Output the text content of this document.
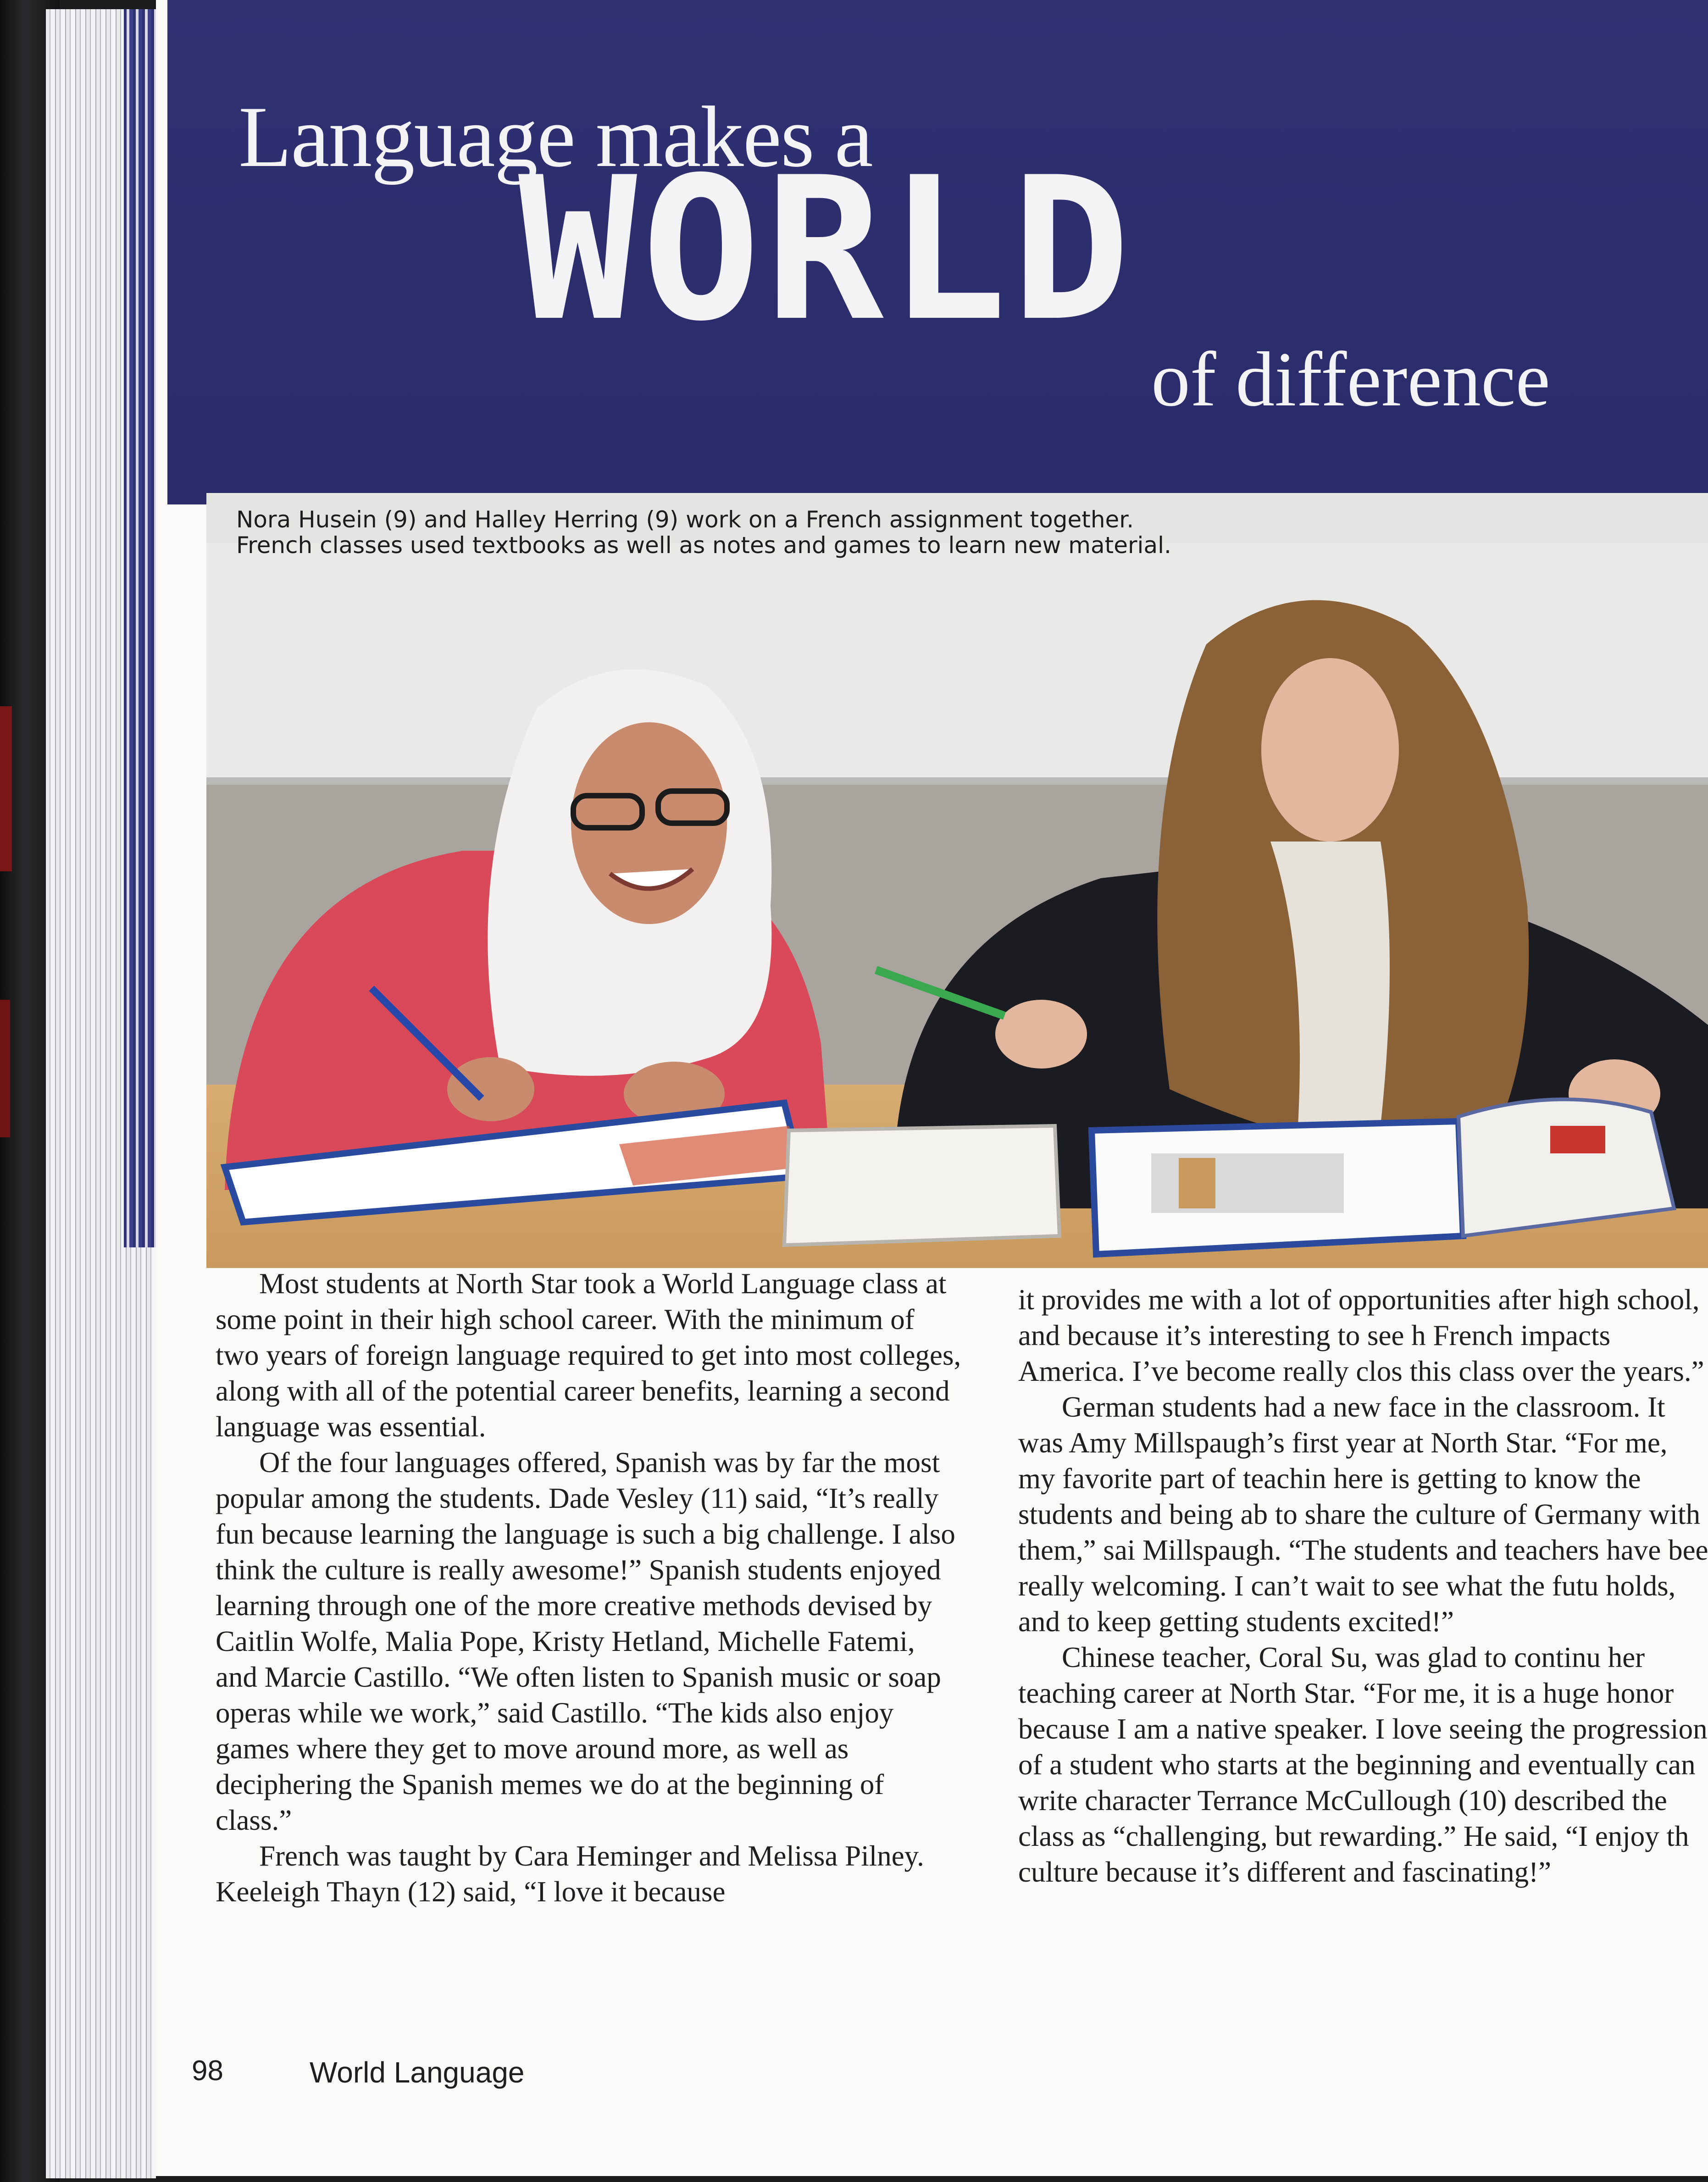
Language makes a
WORLD
of difference
Nora Husein (9) and Halley Herring (9) work on a French assignment together.
French classes used textbooks as well as notes and games to learn new material.

Most students at North Star took a World Language class at some point in their high school career. With the minimum of two years of foreign language required to get into most colleges, along with all of the potential career benefits, learning a second language was essential.

Of the four languages offered, Spanish was by far the most popular among the students. Dade Vesley (11) said, “It’s really fun because learning the language is such a big challenge. I also think the culture is really awesome!” Spanish students enjoyed learning through one of the more creative methods devised by Caitlin Wolfe, Malia Pope, Kristy Hetland, Michelle Fatemi, and Marcie Castillo. “We often listen to Spanish music or soap operas while we work,” said Castillo. “The kids also enjoy games where they get to move around more, as well as deciphering the Spanish memes we do at the beginning of class.”

French was taught by Cara Heminger and Melissa Pilney. Keeleigh Thayn (12) said, “I love it because

it provides me with a lot of opportunities after high school, and because it’s interesting to see h French impacts America. I’ve become really clos this class over the years.”

German students had a new face in the classroom. It was Amy Millspaugh’s first year at North Star. “For me, my favorite part of teachin here is getting to know the students and being ab to share the culture of Germany with them,” sai Millspaugh. “The students and teachers have bee really welcoming. I can’t wait to see what the futu holds, and to keep getting students excited!”

Chinese teacher, Coral Su, was glad to continu her teaching career at North Star. “For me, it is a huge honor because I am a native speaker. I love seeing the progression of a student who starts at the beginning and eventually can write character Terrance McCullough (10) described the class as “challenging, but rewarding.” He said, “I enjoy th culture because it’s different and fascinating!”

98	World Language
